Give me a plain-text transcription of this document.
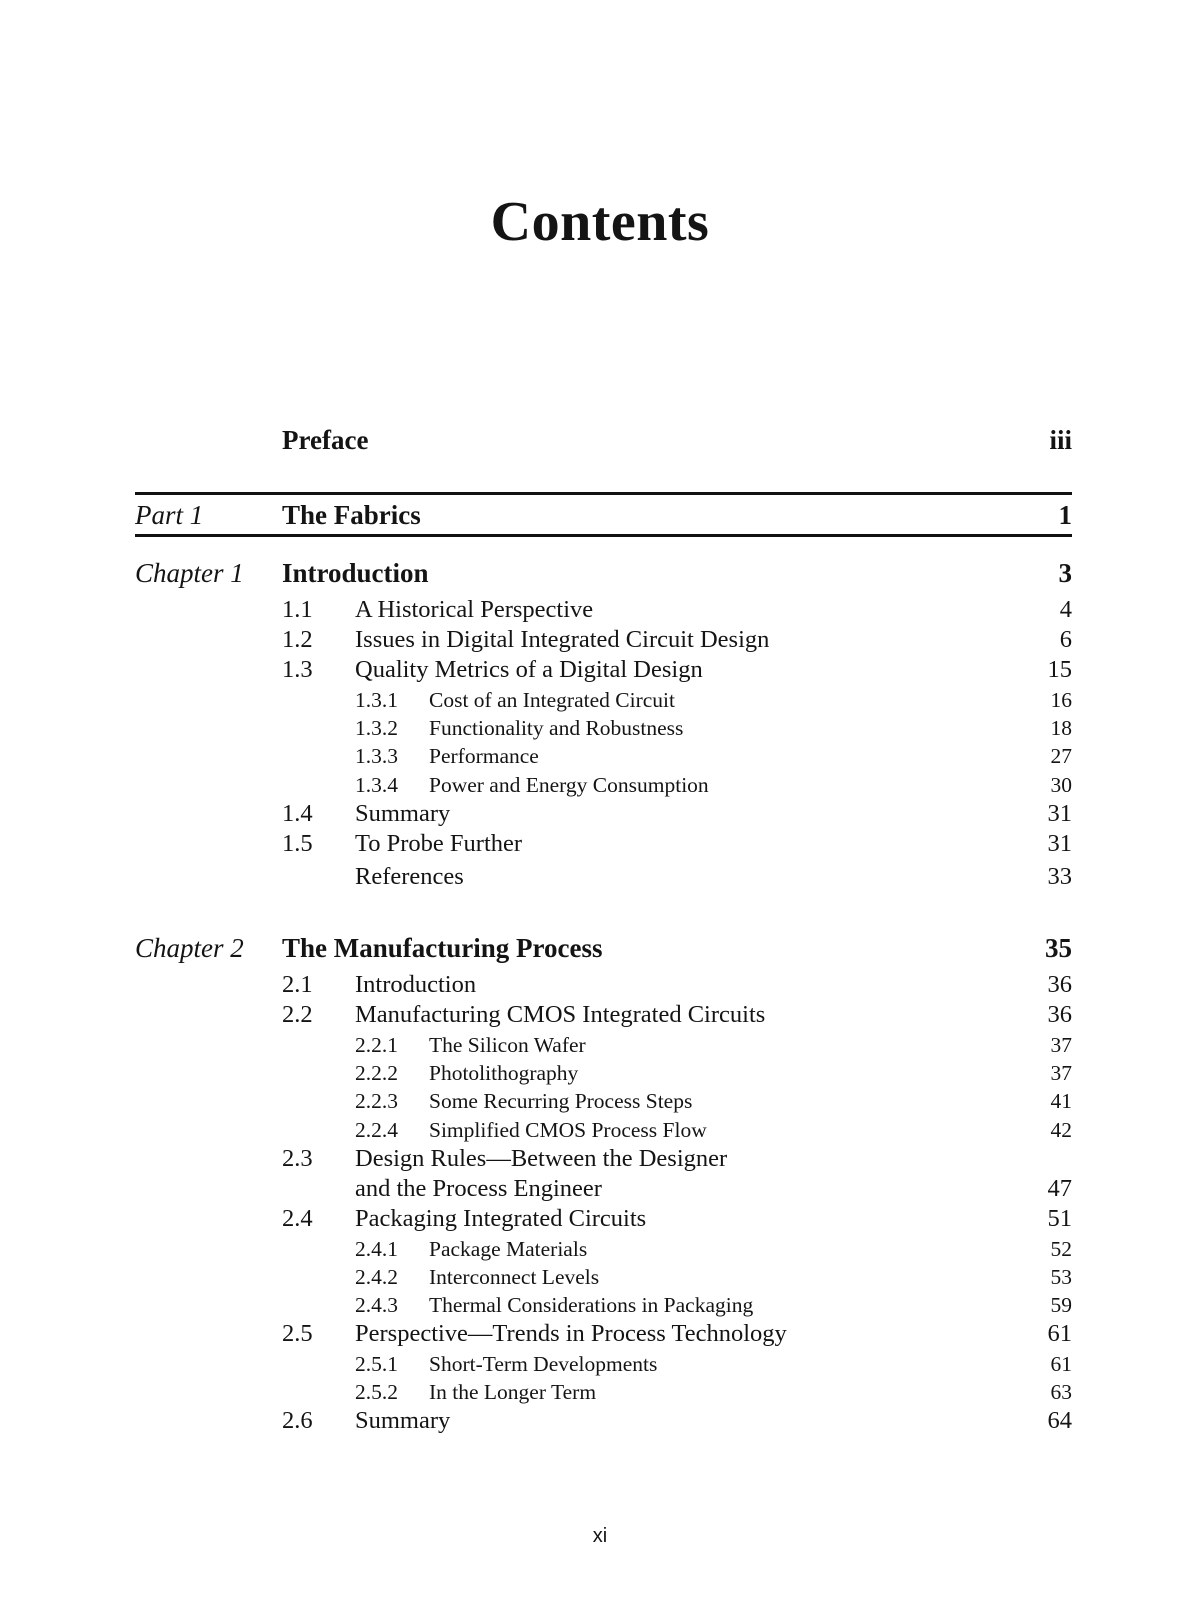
Contents
Preface	iii
Part 1	The Fabrics	1
Chapter 1 Introduction	3
1.1 A Historical Perspective	4
1.2 Issues in Digital Integrated Circuit Design	6
1.3 Quality Metrics of a Digital Design	15
1.3.1 Cost of an Integrated Circuit	16
1.3.2 Functionality and Robustness	18
1.3.3 Performance	27
1.3.4 Power and Energy Consumption	30
1.4 Summary	31
1.5 To Probe Further	31
References	33
Chapter 2 The Manufacturing Process	35
2.1 Introduction	36
2.2 Manufacturing CMOS Integrated Circuits	36
2.2.1 The Silicon Wafer	37
2.2.2 Photolithography	37
2.2.3 Some Recurring Process Steps	41
2.2.4 Simplified CMOS Process Flow	42
2.3 Design Rules—Between the Designer
and the Process Engineer	47
2.4 Packaging Integrated Circuits	51
2.4.1 Package Materials	52
2.4.2 Interconnect Levels	53
2.4.3 Thermal Considerations in Packaging	59
2.5 Perspective—Trends in Process Technology	61
2.5.1 Short-Term Developments	61
2.5.2 In the Longer Term	63
2.6 Summary	64
xi
